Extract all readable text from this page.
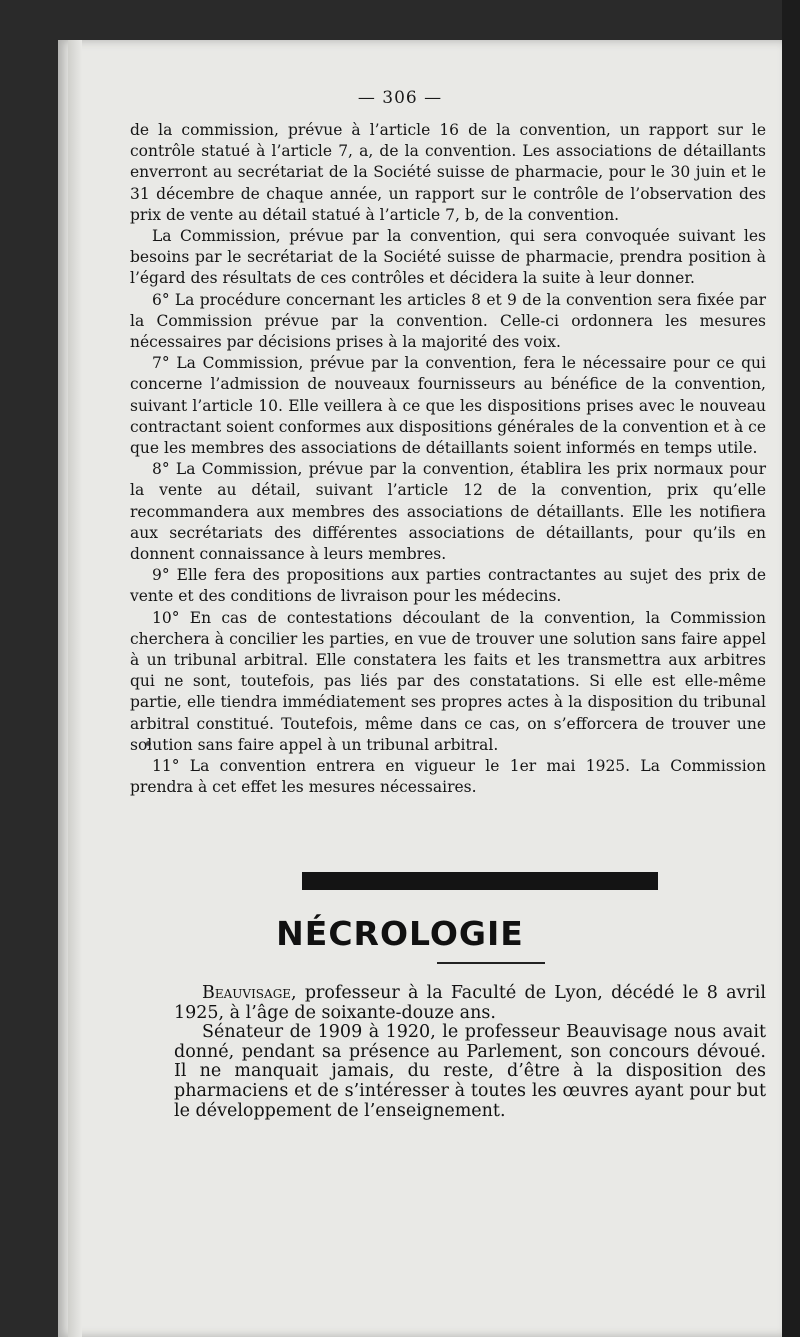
— 306 —

de la commission, prévue à l’article 16 de la convention, un rapport sur le contrôle statué à l’article 7, a, de la convention. Les associations de détaillants enverront au secrétariat de la Société suisse de pharmacie, pour le 30 juin et le 31 décembre de chaque année, un rapport sur le contrôle de l’observation des prix de vente au détail statué à l’article 7, b, de la convention.

La Commission, prévue par la convention, qui sera convoquée suivant les besoins par le secrétariat de la Société suisse de pharmacie, prendra position à l’égard des résultats de ces contrôles et décidera la suite à leur donner.

6° La procédure concernant les articles 8 et 9 de la convention sera fixée par la Commission prévue par la convention. Celle-ci ordonnera les mesures nécessaires par décisions prises à la majorité des voix.

7° La Commission, prévue par la convention, fera le nécessaire pour ce qui concerne l’admission de nouveaux fournisseurs au bénéfice de la convention, suivant l’article 10. Elle veillera à ce que les dispositions prises avec le nouveau contractant soient conformes aux dispositions générales de la convention et à ce que les membres des associations de détaillants soient informés en temps utile.

8° La Commission, prévue par la convention, établira les prix normaux pour la vente au détail, suivant l’article 12 de la convention, prix qu’elle recommandera aux membres des associations de détaillants. Elle les notifiera aux secrétariats des différentes associations de détaillants, pour qu’ils en donnent connaissance à leurs membres.

9° Elle fera des propositions aux parties contractantes au sujet des prix de vente et des conditions de livraison pour les médecins.

10° En cas de contestations découlant de la convention, la Commission cherchera à concilier les parties, en vue de trouver une solution sans faire appel à un tribunal arbitral. Elle constatera les faits et les transmettra aux arbitres qui ne sont, toutefois, pas liés par des constatations. Si elle est elle-même partie, elle tiendra immédiatement ses propres actes à la disposition du tribunal arbitral constitué. Toutefois, même dans ce cas, on s’efforcera de trouver une solution sans faire appel à un tribunal arbitral.

11° La convention entrera en vigueur le 1er mai 1925. La Commission prendra à cet effet les mesures nécessaires.

NÉCROLOGIE

Beauvisage, professeur à la Faculté de Lyon, décédé le 8 avril 1925, à l’âge de soixante-douze ans.

Sénateur de 1909 à 1920, le professeur Beauvisage nous avait donné, pendant sa présence au Parlement, son concours dévoué. Il ne manquait jamais, du reste, d’être à la disposition des pharmaciens et de s’intéresser à toutes les œuvres ayant pour but le développement de l’enseignement.
